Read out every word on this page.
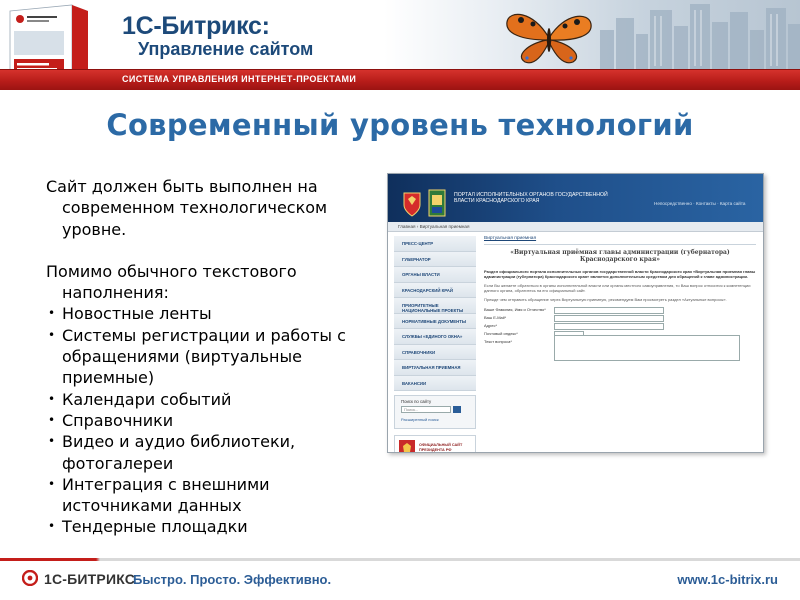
1С-Битрикс:
Управление сайтом
СИСТЕМА УПРАВЛЕНИЯ ИНТЕРНЕТ-ПРОЕКТАМИ
Современный уровень технологий
Сайт должен быть выполнен на современном технологическом уровне.
Помимо обычного текстового наполнения:
• Новостные ленты
• Системы регистрации и работы с обращениями (виртуальные приемные)
• Календари событий
• Справочники
• Видео и аудио библиотеки, фотогалереи
• Интеграция с внешними источниками данных
• Тендерные площадки
ПОРТАЛ ИСПОЛНИТЕЛЬНЫХ ОРГАНОВ ГОСУДАРСТВЕННОЙ ВЛАСТИ КРАСНОДАРСКОГО КРАЯ	Непосредственно · Контакты · Карта сайта
Главная › Виртуальная приемная
ПРЕСС-ЦЕНТР
ГУБЕРНАТОР
ОРГАНЫ ВЛАСТИ
КРАСНОДАРСКИЙ КРАЙ
ПРИОРИТЕТНЫЕ НАЦИОНАЛЬНЫЕ ПРОЕКТЫ
НОРМАТИВНЫЕ ДОКУМЕНТЫ
СЛУЖБЫ «ЕДИНОГО ОКНА»
СПРАВОЧНИКИ
ВИРТУАЛЬНАЯ ПРИЕМНАЯ
ВАКАНСИИ
Поиск по сайту
Поиск...
Расширенный поиск
ОФИЦИАЛЬНЫЙ САЙТ ПРЕЗИДЕНТА РФ
Виртуальная приемная
«Виртуальная приёмная главы администрации (губернатора) Краснодарского края»
Раздел официального портала исполнительных органов государственной власти Краснодарского края «Виртуальная приемная главы администрации (губернатора) Краснодарского края» является дополнительным средством для обращений к главе администрации.
Если Вы желаете обратиться в органы исполнительной власти или органы местного самоуправления, то Ваш вопрос относится к компетенции данного органа, обратитесь на его официальный сайт.
Прежде чем отправить обращение через Виртуальную приемную, рекомендуем Вам просмотреть раздел «Актуальные вопросы».
Ваше Фамилия, Имя и Отчество*
Ваш E-Mail*
Адрес*
Почтовый индекс*
Текст вопроса*
1С-БИТРИКС
Быстро. Просто. Эффективно.	www.1c-bitrix.ru
